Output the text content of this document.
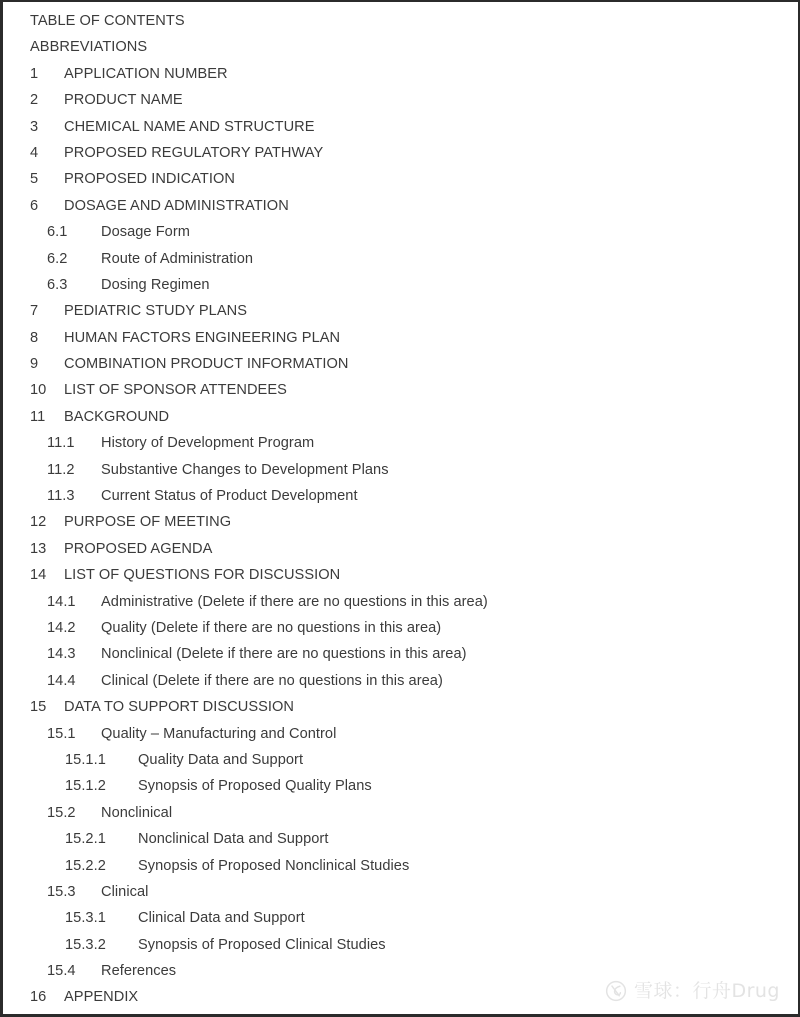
TABLE OF CONTENTS
ABBREVIATIONS
1	APPLICATION NUMBER
2	PRODUCT NAME
3	CHEMICAL NAME AND STRUCTURE
4	PROPOSED REGULATORY PATHWAY
5	PROPOSED INDICATION
6	DOSAGE AND ADMINISTRATION
6.1	Dosage Form
6.2	Route of Administration
6.3	Dosing Regimen
7	PEDIATRIC STUDY PLANS
8	HUMAN FACTORS ENGINEERING PLAN
9	COMBINATION PRODUCT INFORMATION
10	LIST OF SPONSOR ATTENDEES
11	BACKGROUND
11.1	History of Development Program
11.2	Substantive Changes to Development Plans
11.3	Current Status of Product Development
12	PURPOSE OF MEETING
13	PROPOSED AGENDA
14	LIST OF QUESTIONS FOR DISCUSSION
14.1	Administrative (Delete if there are no questions in this area)
14.2	Quality (Delete if there are no questions in this area)
14.3	Nonclinical (Delete if there are no questions in this area)
14.4	Clinical (Delete if there are no questions in this area)
15	DATA TO SUPPORT DISCUSSION
15.1	Quality – Manufacturing and Control
15.1.1	Quality Data and Support
15.1.2	Synopsis of Proposed Quality Plans
15.2	Nonclinical
15.2.1	Nonclinical Data and Support
15.2.2	Synopsis of Proposed Nonclinical Studies
15.3	Clinical
15.3.1	Clinical Data and Support
15.3.2	Synopsis of Proposed Clinical Studies
15.4	References
16	APPENDIX	雪球：行舟Drug
